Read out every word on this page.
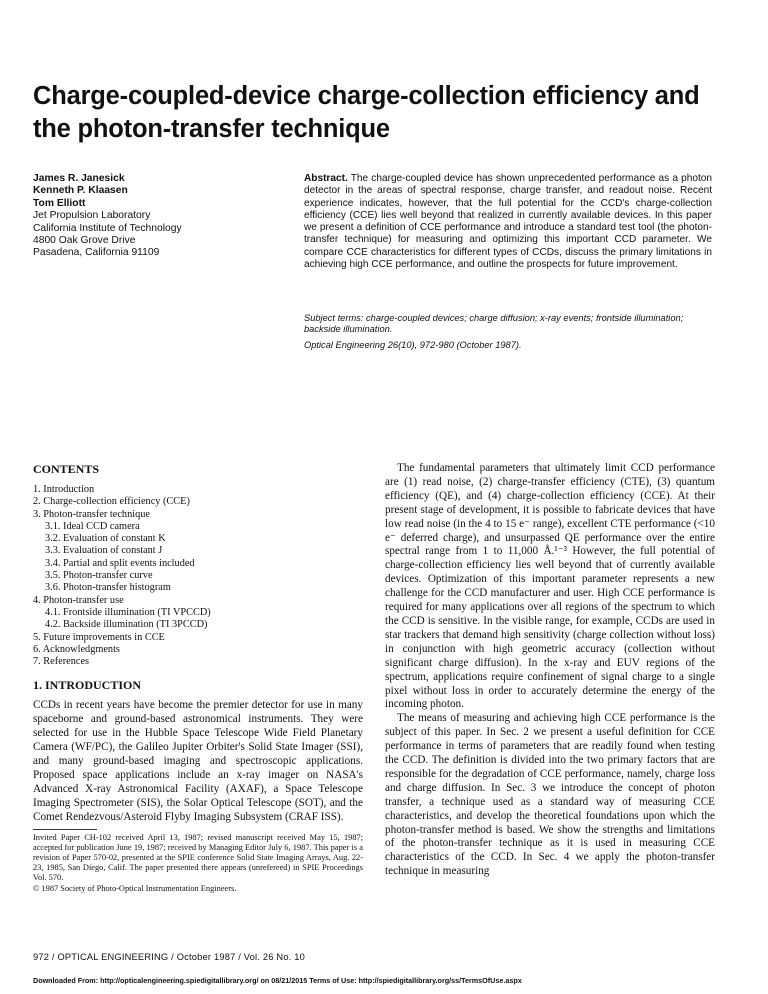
Charge-coupled-device charge-collection efficiency and the photon-transfer technique
James R. Janesick
Kenneth P. Klaasen
Tom Elliott
Jet Propulsion Laboratory
California Institute of Technology
4800 Oak Grove Drive
Pasadena, California 91109
Abstract. The charge-coupled device has shown unprecedented performance as a photon detector in the areas of spectral response, charge transfer, and readout noise. Recent experience indicates, however, that the full potential for the CCD's charge-collection efficiency (CCE) lies well beyond that realized in currently available devices. In this paper we present a definition of CCE performance and introduce a standard test tool (the photon-transfer technique) for measuring and optimizing this important CCD parameter. We compare CCE characteristics for different types of CCDs, discuss the primary limitations in achieving high CCE performance, and outline the prospects for future improvement.
Subject terms: charge-coupled devices; charge diffusion; x-ray events; frontside illumination; backside illumination.
Optical Engineering 26(10), 972-980 (October 1987).
CONTENTS
1. Introduction
2. Charge-collection efficiency (CCE)
3. Photon-transfer technique
3.1. Ideal CCD camera
3.2. Evaluation of constant K
3.3. Evaluation of constant J
3.4. Partial and split events included
3.5. Photon-transfer curve
3.6. Photon-transfer histogram
4. Photon-transfer use
4.1. Frontside illumination (TI VPCCD)
4.2. Backside illumination (TI 3PCCD)
5. Future improvements in CCE
6. Acknowledgments
7. References
1. INTRODUCTION

CCDs in recent years have become the premier detector for use in many spaceborne and ground-based astronomical instruments. They were selected for use in the Hubble Space Telescope Wide Field Planetary Camera (WF/PC), the Galileo Jupiter Orbiter's Solid State Imager (SSI), and many ground-based imaging and spectroscopic applications. Proposed space applications include an x-ray imager on NASA's Advanced X-ray Astronomical Facility (AXAF), a Space Telescope Imaging Spectrometer (SIS), the Solar Optical Telescope (SOT), and the Comet Rendezvous/Asteroid Flyby Imaging Subsystem (CRAF ISS).

Invited Paper CH-102 received April 13, 1987; revised manuscript received May 15, 1987; accepted for publication June 19, 1987; received by Managing Editor July 6, 1987. This paper is a revision of Paper 570-02, presented at the SPIE conference Solid State Imaging Arrays, Aug. 22-23, 1985, San Diego, Calif. The paper presented there appears (unrefereed) in SPIE Proceedings Vol. 570.

© 1987 Society of Photo-Optical Instrumentation Engineers.

The fundamental parameters that ultimately limit CCD performance are (1) read noise, (2) charge-transfer efficiency (CTE), (3) quantum efficiency (QE), and (4) charge-collection efficiency (CCE). At their present stage of development, it is possible to fabricate devices that have low read noise (in the 4 to 15 e⁻ range), excellent CTE performance (<10 e⁻ deferred charge), and unsurpassed QE performance over the entire spectral range from 1 to 11,000 Å.¹⁻³ However, the full potential of charge-collection efficiency lies well beyond that of currently available devices. Optimization of this important parameter represents a new challenge for the CCD manufacturer and user. High CCE performance is required for many applications over all regions of the spectrum to which the CCD is sensitive. In the visible range, for example, CCDs are used in star trackers that demand high sensitivity (charge collection without loss) in conjunction with high geometric accuracy (collection without significant charge diffusion). In the x-ray and EUV regions of the spectrum, applications require confinement of signal charge to a single pixel without loss in order to accurately determine the energy of the incoming photon.

The means of measuring and achieving high CCE performance is the subject of this paper. In Sec. 2 we present a useful definition for CCE performance in terms of parameters that are readily found when testing the CCD. The definition is divided into the two primary factors that are responsible for the degradation of CCE performance, namely, charge loss and charge diffusion. In Sec. 3 we introduce the concept of photon transfer, a technique used as a standard way of measuring CCE characteristics, and develop the theoretical foundations upon which the photon-transfer method is based. We show the strengths and limitations of the photon-transfer technique as it is used in measuring CCE characteristics of the CCD. In Sec. 4 we apply the photon-transfer technique in measuring

972 / OPTICAL ENGINEERING / October 1987 / Vol. 26 No. 10
Downloaded From: http://opticalengineering.spiedigitallibrary.org/ on 08/21/2015 Terms of Use: http://spiedigitallibrary.org/ss/TermsOfUse.aspx
